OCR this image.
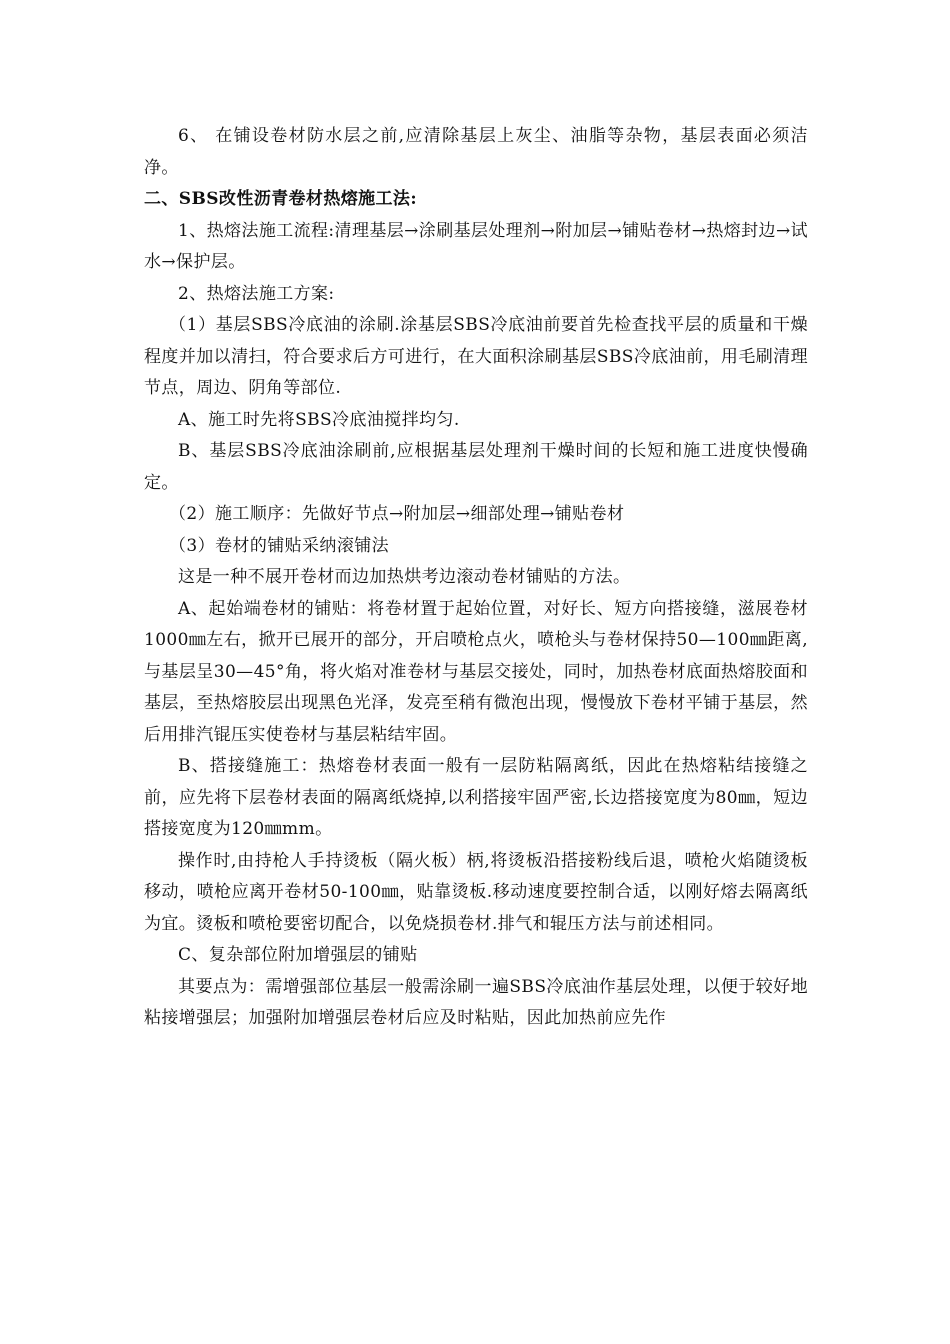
6、 在铺设卷材防水层之前,应清除基层上灰尘、油脂等杂物，基层表面必须洁净。

二、SBS改性沥青卷材热熔施工法:

1、热熔法施工流程:清理基层→涂刷基层处理剂→附加层→铺贴卷材→热熔封边→试水→保护层。

2、热熔法施工方案:

（1）基层SBS冷底油的涂刷.涂基层SBS冷底油前要首先检查找平层的质量和干燥程度并加以清扫，符合要求后方可进行，在大面积涂刷基层SBS冷底油前，用毛刷清理节点，周边、阴角等部位.

A、施工时先将SBS冷底油搅拌均匀.

B、基层SBS冷底油涂刷前,应根据基层处理剂干燥时间的长短和施工进度快慢确定。

（2）施工顺序：先做好节点→附加层→细部处理→铺贴卷材

（3）卷材的铺贴采纳滚铺法

这是一种不展开卷材而边加热烘考边滚动卷材铺贴的方法。

A、起始端卷材的铺贴：将卷材置于起始位置，对好长、短方向搭接缝，滋展卷材1000㎜左右，掀开已展开的部分，开启喷枪点火，喷枪头与卷材保持50—100㎜距离,与基层呈30—45°角，将火焰对准卷材与基层交接处，同时，加热卷材底面热熔胶面和基层，至热熔胶层出现黑色光泽，发亮至稍有微泡出现，慢慢放下卷材平铺于基层，然后用排汽锟压实使卷材与基层粘结牢固。

B、搭接缝施工：热熔卷材表面一般有一层防粘隔离纸，因此在热熔粘结接缝之前，应先将下层卷材表面的隔离纸烧掉,以利搭接牢固严密,长边搭接宽度为80㎜，短边搭接宽度为120㎜mm。

操作时,由持枪人手持烫板（隔火板）柄,将烫板沿搭接粉线后退，喷枪火焰随烫板移动，喷枪应离开卷材50-100㎜，贴靠烫板.移动速度要控制合适，以刚好熔去隔离纸为宜。烫板和喷枪要密切配合，以免烧损卷材.排气和辊压方法与前述相同。

C、复杂部位附加增强层的铺贴

其要点为：需增强部位基层一般需涂刷一遍SBS冷底油作基层处理，以便于较好地粘接增强层；加强附加增强层卷材后应及时粘贴，因此加热前应先作
